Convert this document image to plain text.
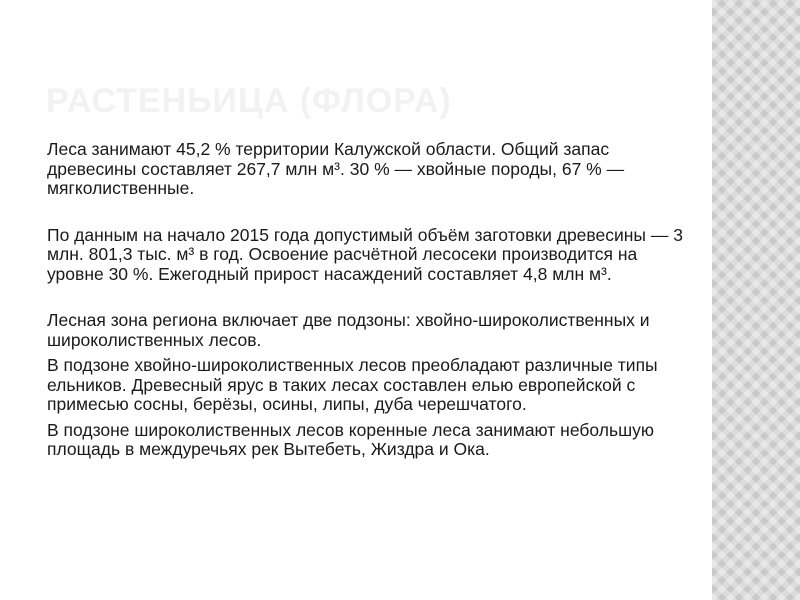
РАСТЕНЬИЦА (ФЛОРА)

Леса занимают 45,2 % территории Калужской области. Общий запас древесины составляет 267,7 млн м³. 30 % — хвойные породы, 67 % — мягколиственные.

По данным на начало 2015 года допустимый объём заготовки древесины — 3 млн. 801,3 тыс. м³ в год. Освоение расчётной лесосеки производится на уровне 30 %. Ежегодный прирост насаждений составляет 4,8 млн м³.

Лесная зона региона включает две подзоны: хвойно-широколиственных и широколиственных лесов.

В подзоне хвойно-широколиственных лесов преобладают различные типы ельников. Древесный ярус в таких лесах составлен елью европейской с примесью сосны, берёзы, осины, липы, дуба черешчатого.

В подзоне широколиственных лесов коренные леса занимают небольшую площадь в междуречьях рек Вытебеть, Жиздра и Ока.
